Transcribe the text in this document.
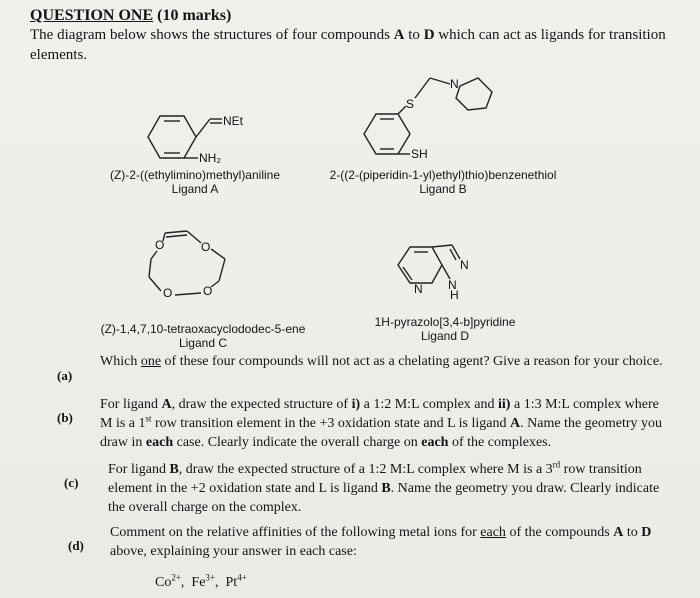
QUESTION ONE (10 marks)
The diagram below shows the structures of four compounds A to D which can act as ligands for transition elements.
NEt
NH₂
(Z)-2-((ethylimino)methyl)aniline
Ligand A
S
N
SH
2-((2-(piperidin-1-yl)ethyl)thio)benzenethiol
Ligand B
O
O
O
O
(Z)-1,4,7,10-tetraoxacyclododec-5-ene
Ligand C
N
N N
H
1H-pyrazolo[3,4-b]pyridine
Ligand D
(a)
Which one of these four compounds will not act as a chelating agent? Give a reason for your choice.
(b)
For ligand A, draw the expected structure of i) a 1:2 M:L complex and ii) a 1:3 M:L complex where M is a 1st row transition element in the +3 oxidation state and L is ligand A. Name the geometry you draw in each case. Clearly indicate the overall charge on each of the complexes.
(c)
For ligand B, draw the expected structure of a 1:2 M:L complex where M is a 3rd row transition element in the +2 oxidation state and L is ligand B. Name the geometry you draw. Clearly indicate the overall charge on the complex.
(d)
Comment on the relative affinities of the following metal ions for each of the compounds A to D above, explaining your answer in each case:
$Co^{2+}$,  $Fe^{3+}$,  $Pt^{4+}$
